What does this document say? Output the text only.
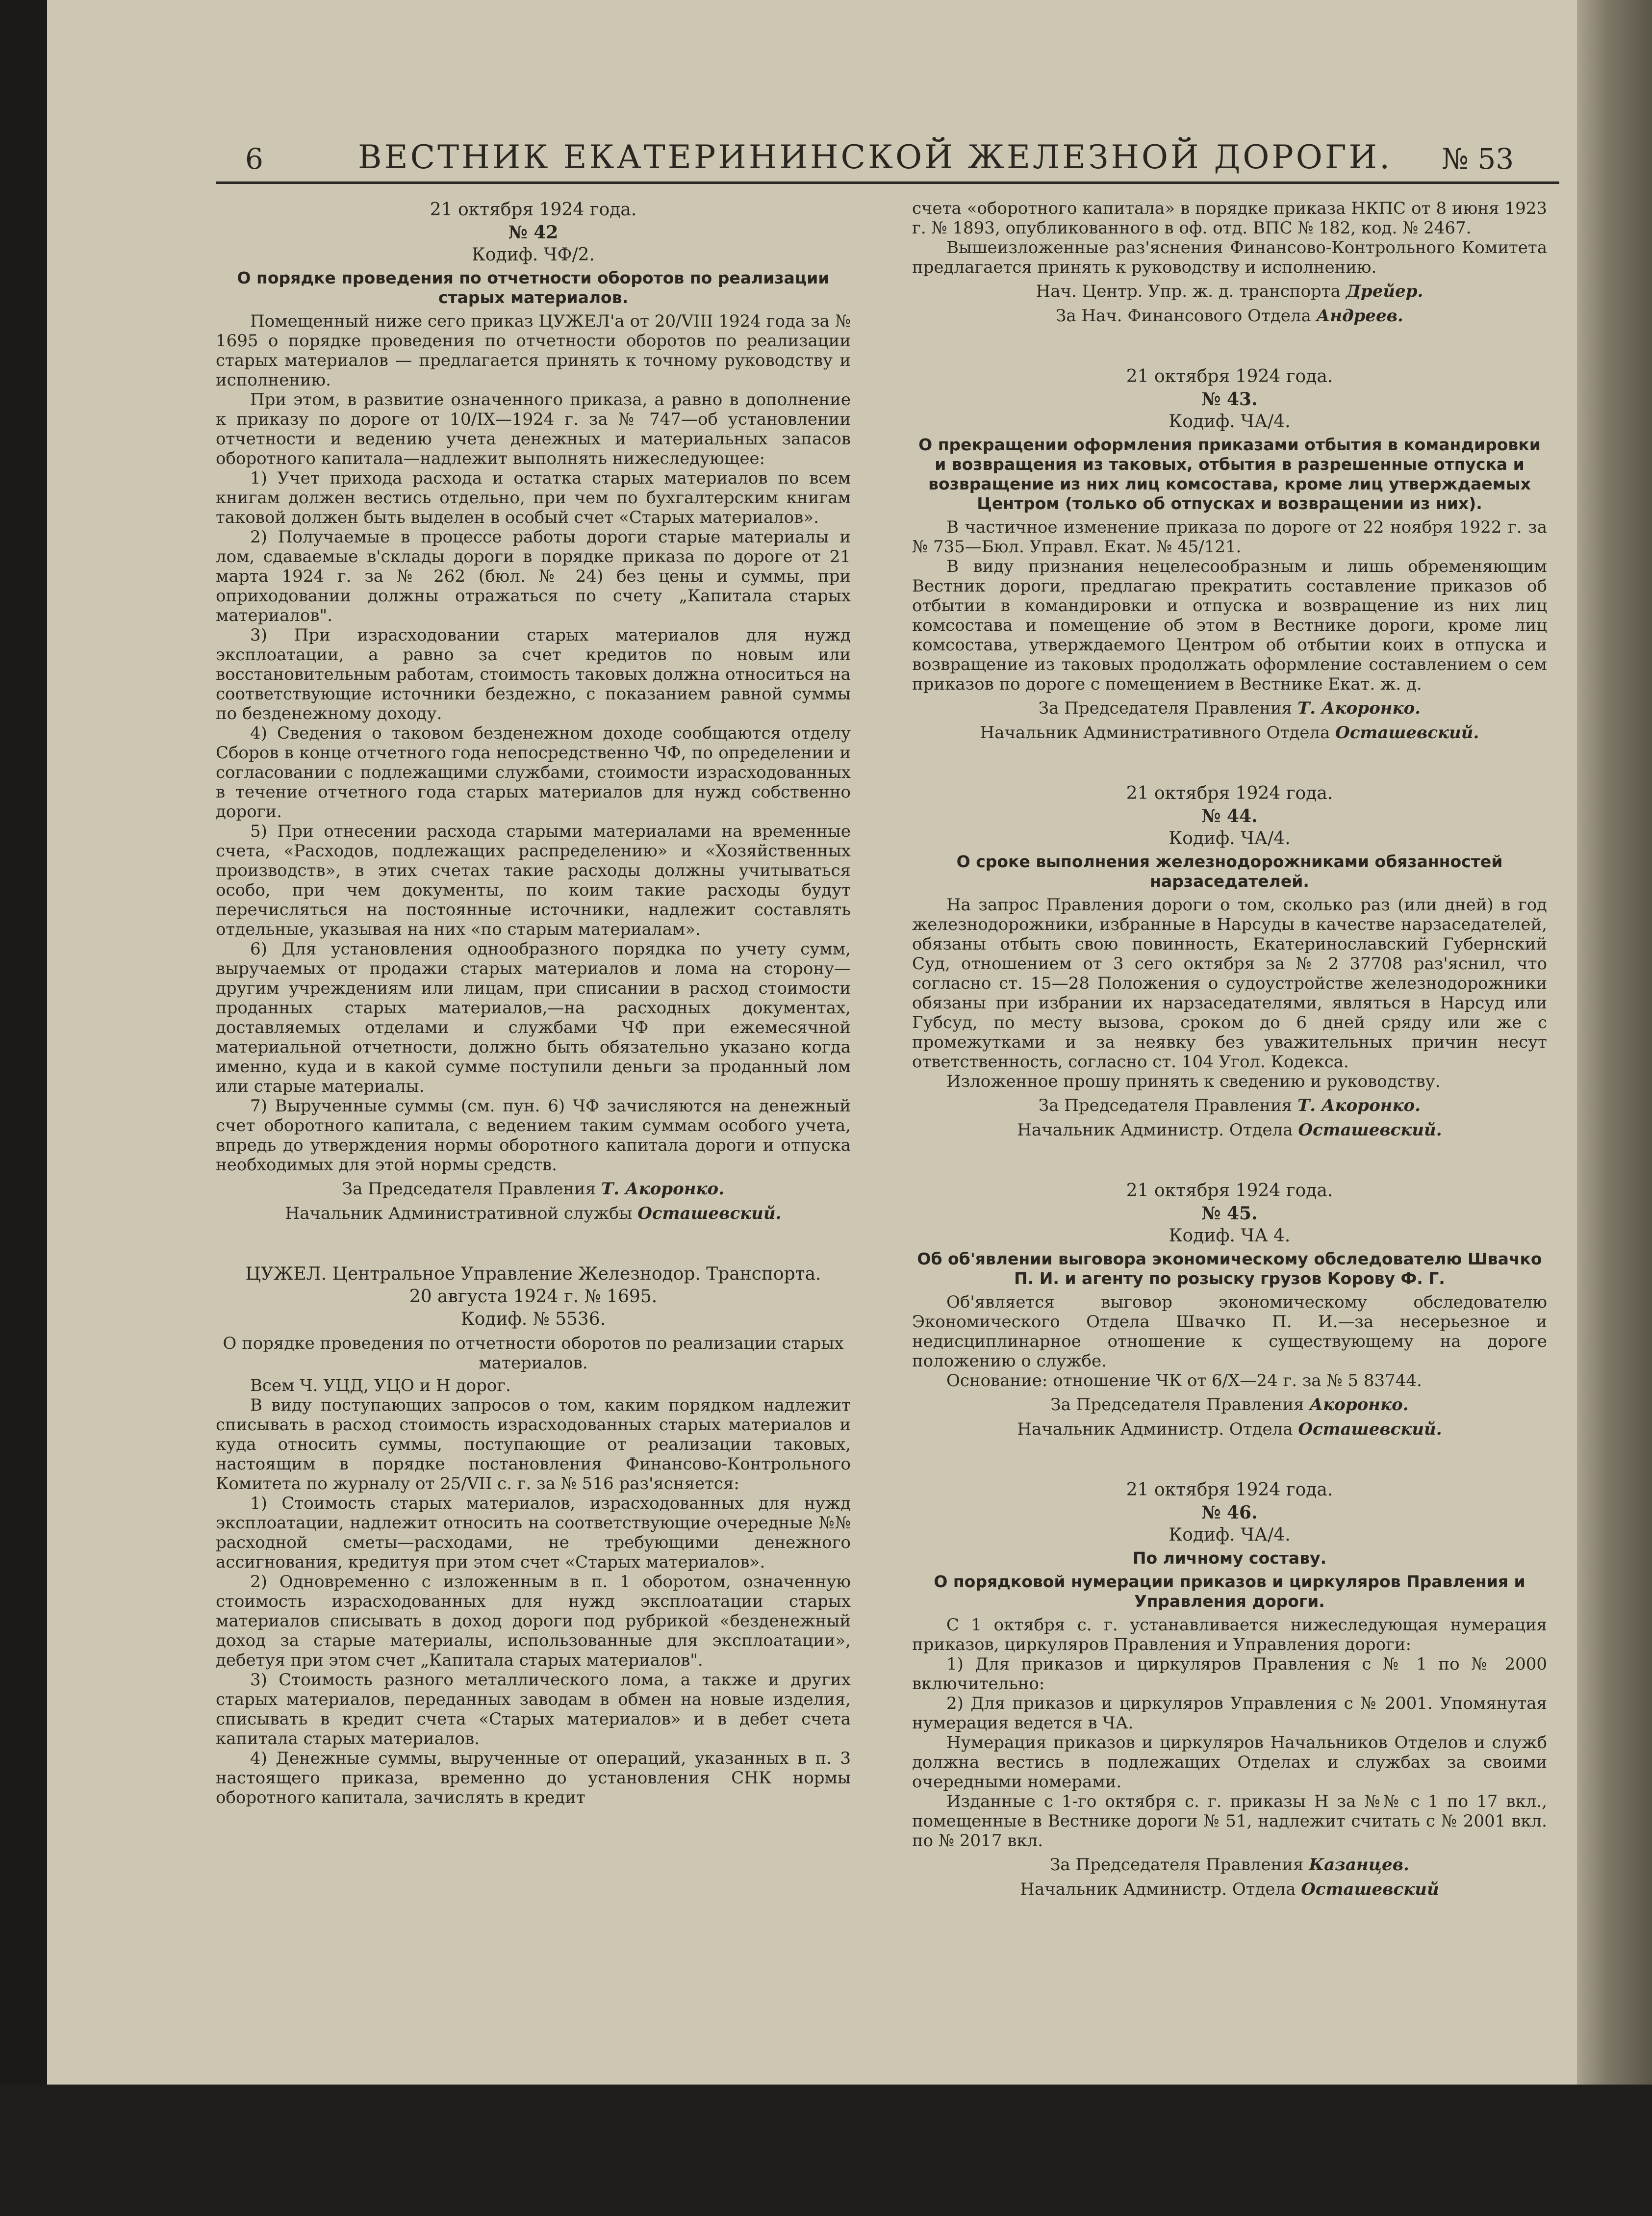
6	ВЕСТНИК ЕКАТЕРИНИНСКОЙ ЖЕЛЕЗНОЙ ДОРОГИ. № 53
21 октября 1924 года.
№ 42
Кодиф. ЧФ/2.
О порядке проведения по отчетности оборотов по реализации старых материалов.

Помещенный ниже сего приказ ЦУЖЕЛ'а от 20/VIII 1924 года за № 1695 о порядке проведения по отчетности оборотов по реализации старых материалов — предлагается принять к точному руководству и исполнению.

При этом, в развитие означенного приказа, а равно в дополнение к приказу по дороге от 10/IX—1924 г. за № 747—об установлении отчетности и ведению учета денежных и материальных запасов оборотного капитала—надлежит выполнять нижеследующее:

1) Учет прихода расхода и остатка старых материалов по всем книгам должен вестись отдельно, при чем по бухгалтерским книгам таковой должен быть выделен в особый счет «Старых материалов».

2) Получаемые в процессе работы дороги старые материалы и лом, сдаваемые в'склады дороги в порядке приказа по дороге от 21 марта 1924 г. за № 262 (бюл. № 24) без цены и суммы, при оприходовании должны отражаться по счету „Капитала старых материалов".

3) При израсходовании старых материалов для нужд эксплоатации, а равно за счет кредитов по новым или восстановительным работам, стоимость таковых должна относиться на соответствующие источники бездежно, с показанием равной суммы по безденежному доходу.

4) Сведения о таковом безденежном доходе сообщаются отделу Сборов в конце отчетного года непосредственно ЧФ, по определении и согласовании с подлежащими службами, стоимости израсходованных в течение отчетного года старых материалов для нужд собственно дороги.

5) При отнесении расхода старыми материалами на временные счета, «Расходов, подлежащих распределению» и «Хозяйственных производств», в этих счетах такие расходы должны учитываться особо, при чем документы, по коим такие расходы будут перечисляться на постоянные источники, надлежит составлять отдельные, указывая на них «по старым материалам».

6) Для установления однообразного порядка по учету сумм, выручаемых от продажи старых материалов и лома на сторону—другим учреждениям или лицам, при списании в расход стоимости проданных старых материалов,—на расходных документах, доставляемых отделами и службами ЧФ при ежемесячной материальной отчетности, должно быть обязательно указано когда именно, куда и в какой сумме поступили деньги за проданный лом или старые материалы.

7) Вырученные суммы (см. пун. 6) ЧФ зачисляются на денежный счет оборотного капитала, с ведением таким суммам особого учета, впредь до утверждения нормы оборотного капитала дороги и отпуска необходимых для этой нормы средств.

За Председателя Правления Т. Акоронко.
Начальник Административной службы Осташевский.
ЦУЖЕЛ. Центральное Управление Железнодор. Транспорта.
20 августа 1924 г. № 1695.
Кодиф. № 5536.
О порядке проведения по отчетности оборотов по реализации старых материалов.

Всем Ч. УЦД, УЦО и Н дорог.

В виду поступающих запросов о том, каким порядком надлежит списывать в расход стоимость израсходованных старых материалов и куда относить суммы, поступающие от реализации таковых, настоящим в порядке постановления Финансово-Контрольного Комитета по журналу от 25/VII с. г. за № 516 раз'ясняется:

1) Стоимость старых материалов, израсходованных для нужд эксплоатации, надлежит относить на соответствующие очередные №№ расходной сметы—расходами, не требующими денежного ассигнования, кредитуя при этом счет «Старых материалов».

2) Одновременно с изложенным в п. 1 оборотом, означенную стоимость израсходованных для нужд эксплоатации старых материалов списывать в доход дороги под рубрикой «безденежный доход за старые материалы, использованные для эксплоатации», дебетуя при этом счет „Капитала старых материалов".

3) Стоимость разного металлического лома, а также и других старых материалов, переданных заводам в обмен на новые изделия, списывать в кредит счета «Старых материалов» и в дебет счета капитала старых материалов.

4) Денежные суммы, вырученные от операций, указанных в п. 3 настоящего приказа, временно до установления СНК нормы оборотного капитала, зачислять в кредит

счета «оборотного капитала» в порядке приказа НКПС от 8 июня 1923 г. № 1893, опубликованного в оф. отд. ВПС № 182, код. № 2467.

Вышеизложенные раз'яснения Финансово-Контрольного Комитета предлагается принять к руководству и исполнению.

Нач. Центр. Упр. ж. д. транспорта Дрейер.
За Нач. Финансового Отдела Андреев.
21 октября 1924 года.
№ 43.
Кодиф. ЧА/4.
О прекращении оформления приказами отбытия в командировки и возвращения из таковых, отбытия в разрешенные отпуска и возвращение из них лиц комсостава, кроме лиц утверждаемых Центром (только об отпусках и возвращении из них).

В частичное изменение приказа по дороге от 22 ноября 1922 г. за № 735—Бюл. Управл. Екат. № 45/121.

В виду признания нецелесообразным и лишь обременяющим Вестник дороги, предлагаю прекратить составление приказов об отбытии в командировки и отпуска и возвращение из них лиц комсостава и помещение об этом в Вестнике дороги, кроме лиц комсостава, утверждаемого Центром об отбытии коих в отпуска и возвращение из таковых продолжать оформление составлением о сем приказов по дороге с помещением в Вестнике Екат. ж. д.

За Председателя Правления Т. Акоронко.
Начальник Административного Отдела Осташевский.
21 октября 1924 года.
№ 44.
Кодиф. ЧА/4.
О сроке выполнения железнодорожниками обязанностей нарзаседателей.

На запрос Правления дороги о том, сколько раз (или дней) в год железнодорожники, избранные в Нарсуды в качестве нарзаседателей, обязаны отбыть свою повинность, Екатеринославский Губернский Суд, отношением от 3 сего октября за № 2 37708 раз'яснил, что согласно ст. 15—28 Положения о судоустройстве железнодорожники обязаны при избрании их нарзаседателями, являться в Нарсуд или Губсуд, по месту вызова, сроком до 6 дней сряду или же с промежутками и за неявку без уважительных причин несут ответственность, согласно ст. 104 Угол. Кодекса.

Изложенное прошу принять к сведению и руководству.

За Председателя Правления Т. Акоронко.
Начальник Администр. Отдела Осташевский.
21 октября 1924 года.
№ 45.
Кодиф. ЧА 4.
Об об'явлении выговора экономическому обследователю Швачко П. И. и агенту по розыску грузов Корову Ф. Г.

Об'является выговор экономическому обследователю Экономического Отдела Швачко П. И.—за несерьезное и недисциплинарное отношение к существующему на дороге положению о службе.

Основание: отношение ЧК от 6/X—24 г. за № 5 83744.

За Председателя Правления Акоронко.
Начальник Администр. Отдела Осташевский.
21 октября 1924 года.
№ 46.
Кодиф. ЧА/4.
По личному составу.
О порядковой нумерации приказов и циркуляров Правления и Управления дороги.

С 1 октября с. г. устанавливается нижеследующая нумерация приказов, циркуляров Правления и Управления дороги:

1) Для приказов и циркуляров Правления с № 1 по № 2000 включительно:

2) Для приказов и циркуляров Управления с № 2001. Упомянутая нумерация ведется в ЧА.

Нумерация приказов и циркуляров Начальников Отделов и служб должна вестись в подлежащих Отделах и службах за своими очередными номерами.

Изданные с 1-го октября с. г. приказы Н за №№ с 1 по 17 вкл., помещенные в Вестнике дороги № 51, надлежит считать с № 2001 вкл. по № 2017 вкл.

За Председателя Правления Казанцев.
Начальник Администр. Отдела Осташевский
